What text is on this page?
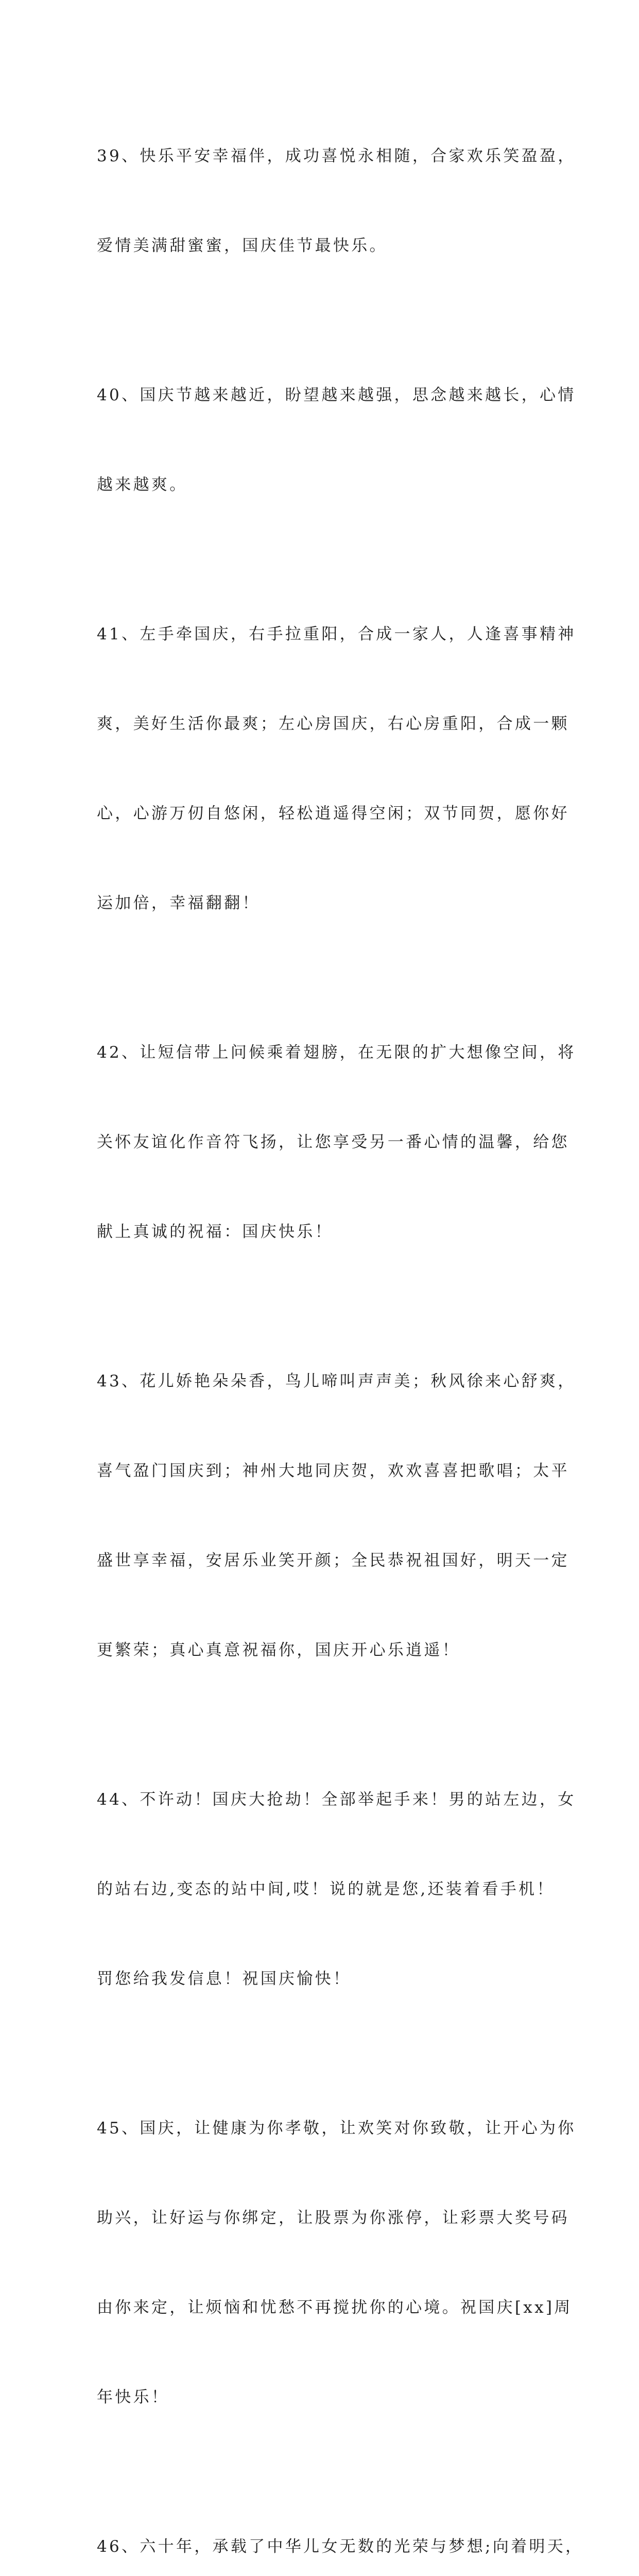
39、快乐平安幸福伴，成功喜悦永相随，合家欢乐笑盈盈，

爱情美满甜蜜蜜，国庆佳节最快乐。

40、国庆节越来越近，盼望越来越强，思念越来越长，心情

越来越爽。

41、左手牵国庆，右手拉重阳，合成一家人，人逢喜事精神

爽，美好生活你最爽；左心房国庆，右心房重阳，合成一颗

心，心游万仞自悠闲，轻松逍遥得空闲；双节同贺，愿你好

运加倍，幸福翻翻！

42、让短信带上问候乘着翅膀，在无限的扩大想像空间，将

关怀友谊化作音符飞扬，让您享受另一番心情的温馨，给您

献上真诚的祝福：国庆快乐！

43、花儿娇艳朵朵香，鸟儿啼叫声声美；秋风徐来心舒爽，

喜气盈门国庆到；神州大地同庆贺，欢欢喜喜把歌唱；太平

盛世享幸福，安居乐业笑开颜；全民恭祝祖国好，明天一定

更繁荣；真心真意祝福你，国庆开心乐逍遥！

44、不许动！国庆大抢劫！全部举起手来！男的站左边，女

的站右边,变态的站中间,哎！说的就是您,还装着看手机！

罚您给我发信息！祝国庆愉快！

45、国庆，让健康为你孝敬，让欢笑对你致敬，让开心为你

助兴，让好运与你绑定，让股票为你涨停，让彩票大奖号码

由你来定，让烦恼和忧愁不再搅扰你的心境。祝国庆[xx]周

年快乐！

46、六十年，承载了中华儿女无数的光荣与梦想;向着明天，
